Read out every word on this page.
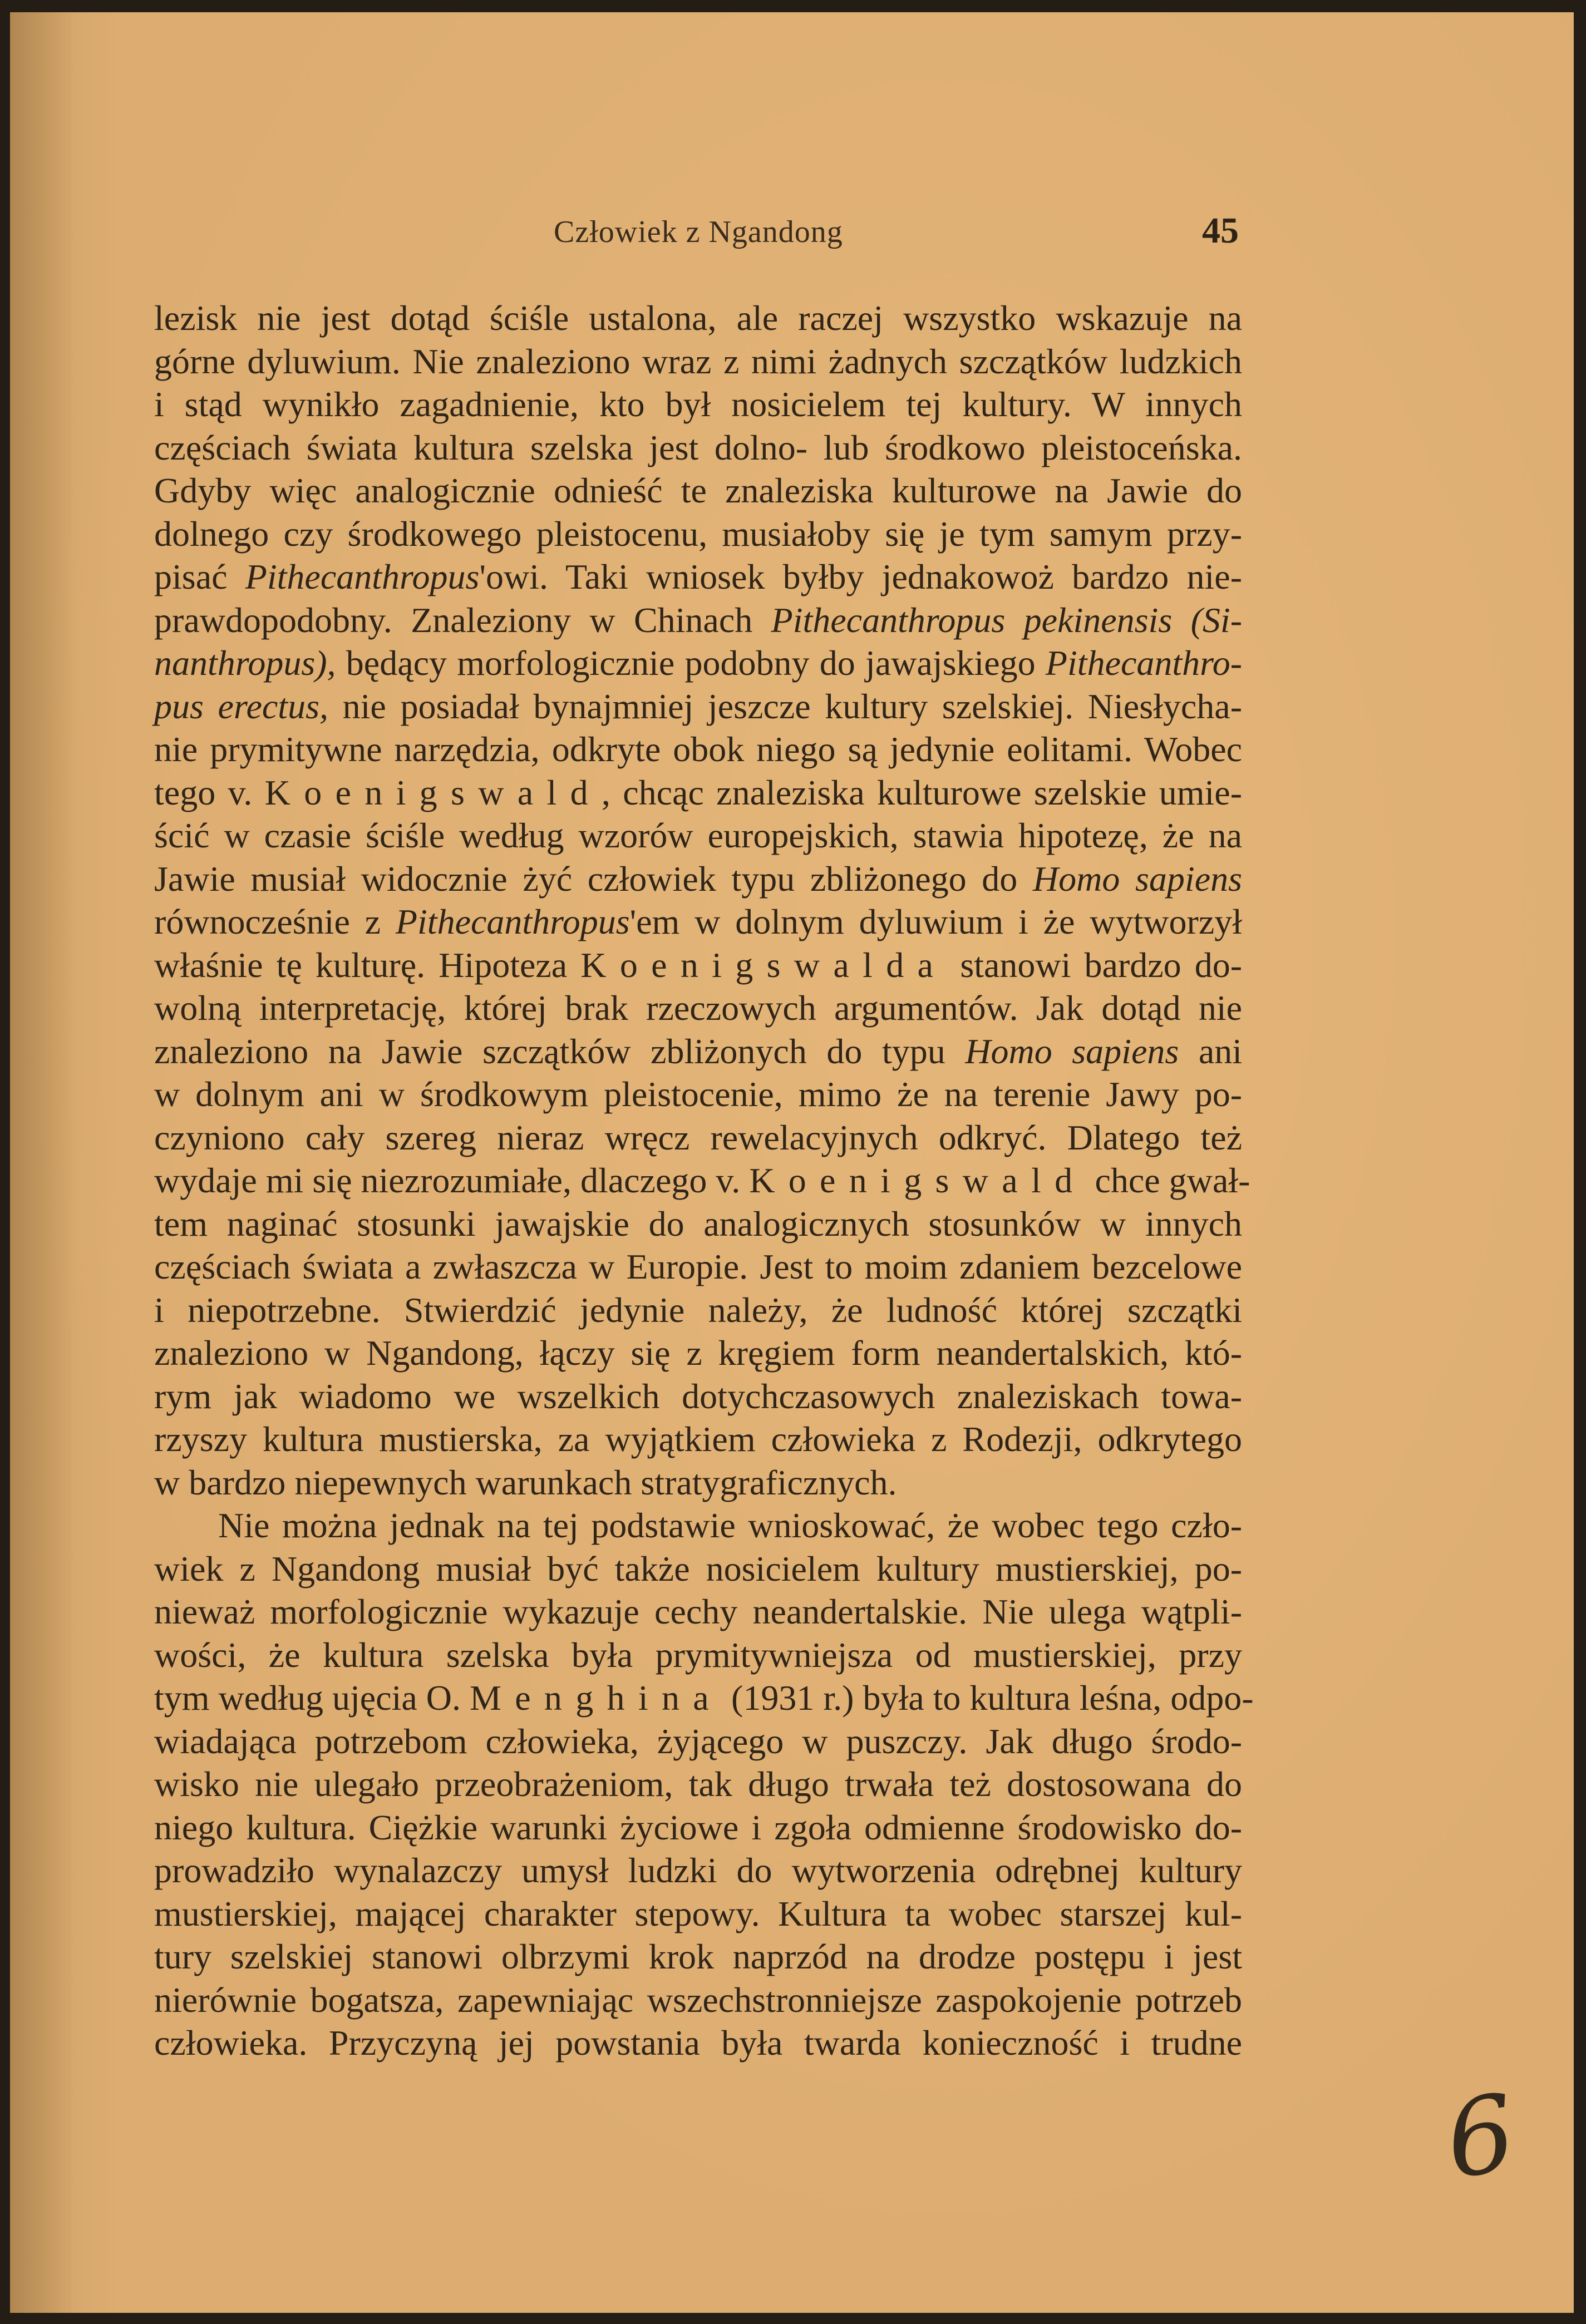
Człowiek z Ngandong	45
lezisk nie jest dotąd ściśle ustalona, ale raczej wszystko wskazuje na
górne dyluwium. Nie znaleziono wraz z nimi żadnych szczątków ludzkich
i stąd wynikło zagadnienie, kto był nosicielem tej kultury. W innych
częściach świata kultura szelska jest dolno- lub środkowo pleistoceńska.
Gdyby więc analogicznie odnieść te znaleziska kulturowe na Jawie do
dolnego czy środkowego pleistocenu, musiałoby się je tym samym przy-
pisać Pithecanthropus'owi. Taki wniosek byłby jednakowoż bardzo nie-
prawdopodobny. Znaleziony w Chinach Pithecanthropus pekinensis (Si-
nanthropus), będący morfologicznie podobny do jawajskiego Pithecanthro-
pus erectus, nie posiadał bynajmniej jeszcze kultury szelskiej. Niesłycha-
nie prymitywne narzędzia, odkryte obok niego są jedynie eolitami. Wobec
tego v. Koenigswald, chcąc znaleziska kulturowe szelskie umie-
ścić w czasie ściśle według wzorów europejskich, stawia hipotezę, że na
Jawie musiał widocznie żyć człowiek typu zbliżonego do Homo sapiens
równocześnie z Pithecanthropus'em w dolnym dyluwium i że wytworzył
właśnie tę kulturę. Hipoteza Koenigswalda stanowi bardzo do-
wolną interpretację, której brak rzeczowych argumentów. Jak dotąd nie
znaleziono na Jawie szczątków zbliżonych do typu Homo sapiens ani
w dolnym ani w środkowym pleistocenie, mimo że na terenie Jawy po-
czyniono cały szereg nieraz wręcz rewelacyjnych odkryć. Dlatego też
wydaje mi się niezrozumiałe, dlaczego v. Koenigswald chce gwał-
tem naginać stosunki jawajskie do analogicznych stosunków w innych
częściach świata a zwłaszcza w Europie. Jest to moim zdaniem bezcelowe
i niepotrzebne. Stwierdzić jedynie należy, że ludność której szczątki
znaleziono w Ngandong, łączy się z kręgiem form neandertalskich, któ-
rym jak wiadomo we wszelkich dotychczasowych znaleziskach towa-
rzyszy kultura mustierska, za wyjątkiem człowieka z Rodezji, odkrytego
w bardzo niepewnych warunkach stratygraficznych.
Nie można jednak na tej podstawie wnioskować, że wobec tego czło-
wiek z Ngandong musiał być także nosicielem kultury mustierskiej, po-
nieważ morfologicznie wykazuje cechy neandertalskie. Nie ulega wątpli-
wości, że kultura szelska była prymitywniejsza od mustierskiej, przy
tym według ujęcia O. Menghina (1931 r.) była to kultura leśna, odpo-
wiadająca potrzebom człowieka, żyjącego w puszczy. Jak długo środo-
wisko nie ulegało przeobrażeniom, tak długo trwała też dostosowana do
niego kultura. Ciężkie warunki życiowe i zgoła odmienne środowisko do-
prowadziło wynalazczy umysł ludzki do wytworzenia odrębnej kultury
mustierskiej, mającej charakter stepowy. Kultura ta wobec starszej kul-
tury szelskiej stanowi olbrzymi krok naprzód na drodze postępu i jest
nierównie bogatsza, zapewniając wszechstronniejsze zaspokojenie potrzeb
człowieka. Przyczyną jej powstania była twarda konieczność i trudne
6
